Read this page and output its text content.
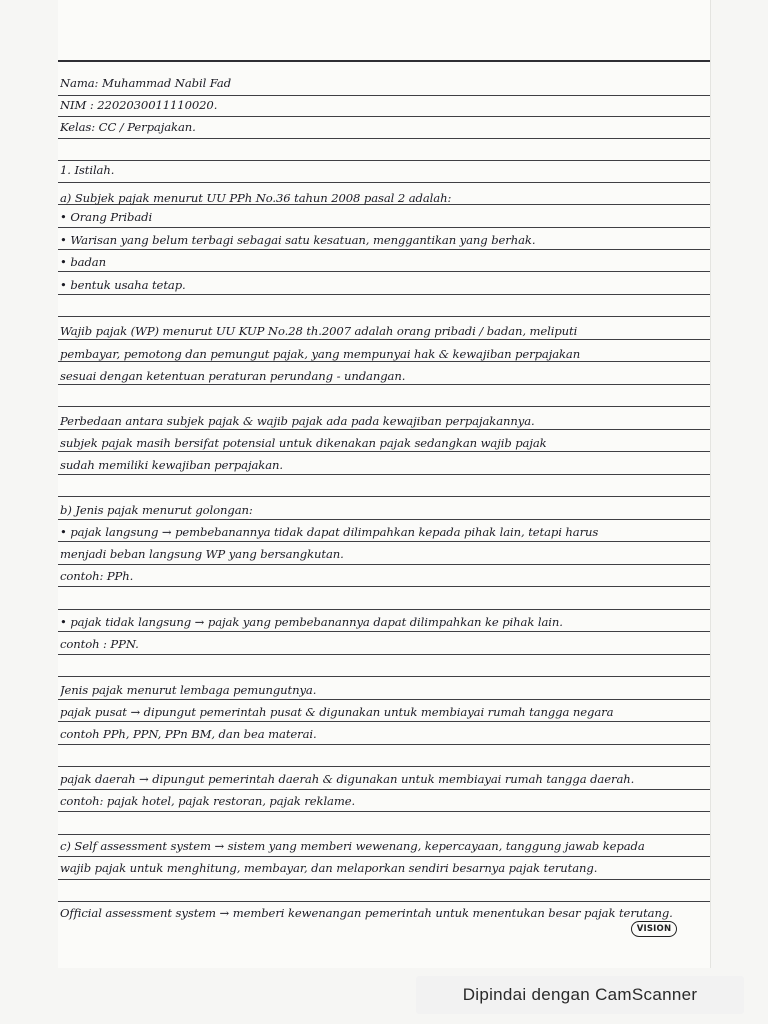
Nama: Muhammad Nabil Fad
NIM : 2202030011110020.
Kelas: CC / Perpajakan.
1. Istilah.
a) Subjek pajak menurut UU PPh No.36 tahun 2008 pasal 2 adalah:
• Orang Pribadi
• Warisan yang belum terbagi sebagai satu kesatuan, menggantikan yang berhak.
• badan
• bentuk usaha tetap.
Wajib pajak (WP) menurut UU KUP No.28 th.2007 adalah orang pribadi / badan, meliputi
pembayar, pemotong dan pemungut pajak, yang mempunyai hak & kewajiban perpajakan
sesuai dengan ketentuan peraturan perundang - undangan.
Perbedaan antara subjek pajak & wajib pajak ada pada kewajiban perpajakannya.
subjek pajak masih bersifat potensial untuk dikenakan pajak sedangkan wajib pajak
sudah memiliki kewajiban perpajakan.
b) Jenis pajak menurut golongan:
• pajak langsung → pembebanannya tidak dapat dilimpahkan kepada pihak lain, tetapi harus
menjadi beban langsung WP yang bersangkutan.
contoh: PPh.
• pajak tidak langsung → pajak yang pembebanannya dapat dilimpahkan ke pihak lain.
contoh : PPN.
Jenis pajak menurut lembaga pemungutnya.
pajak pusat → dipungut pemerintah pusat & digunakan untuk membiayai rumah tangga negara
contoh PPh, PPN, PPn BM, dan bea materai.
pajak daerah → dipungut pemerintah daerah & digunakan untuk membiayai rumah tangga daerah.
contoh: pajak hotel, pajak restoran, pajak reklame.
c) Self assessment system → sistem yang memberi wewenang, kepercayaan, tanggung jawab kepada
wajib pajak untuk menghitung, membayar, dan melaporkan sendiri besarnya pajak terutang.
Official assessment system → memberi kewenangan pemerintah untuk menentukan besar pajak terutang.
VISION
Dipindai dengan CamScanner
